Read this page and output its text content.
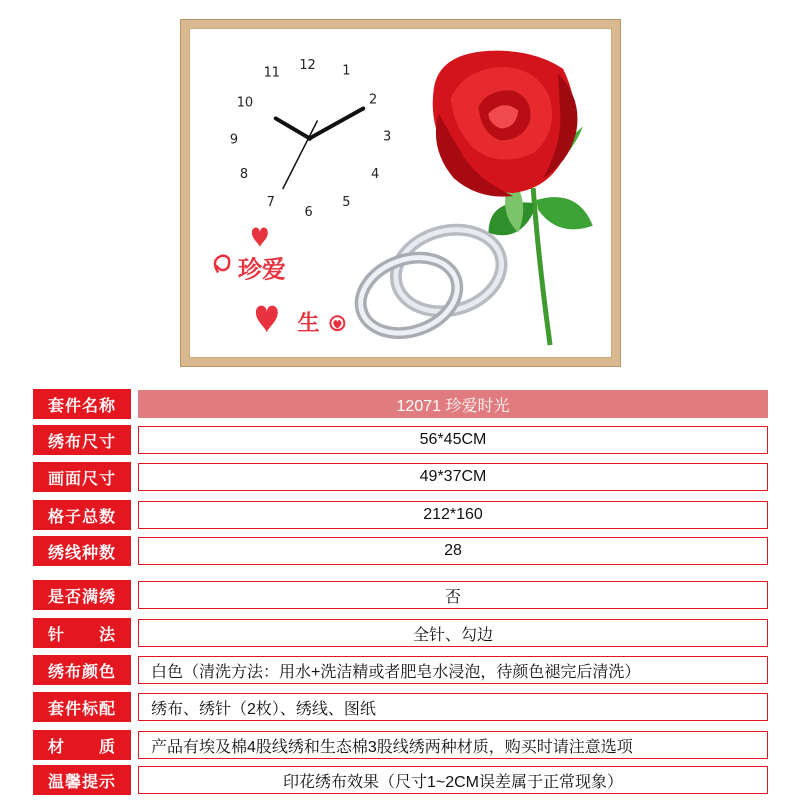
12 1
2
3
4
5
6
7
8
9
10
11
珍爱
生
套件名称	12071 珍爱时光
绣布尺寸	56*45CM
画面尺寸	49*37CM
格子总数	212*160
绣线种数	28
是否满绣	否
针　　法	全针、勾边
绣布颜色	白色（清洗方法：用水+洗洁精或者肥皂水浸泡，待颜色褪完后清洗）
套件标配	绣布、绣针（2枚）、绣线、图纸
材　　质	产品有埃及棉4股线绣和生态棉3股线绣两种材质，购买时请注意选项
温馨提示	印花绣布效果（尺寸1~2CM误差属于正常现象）
